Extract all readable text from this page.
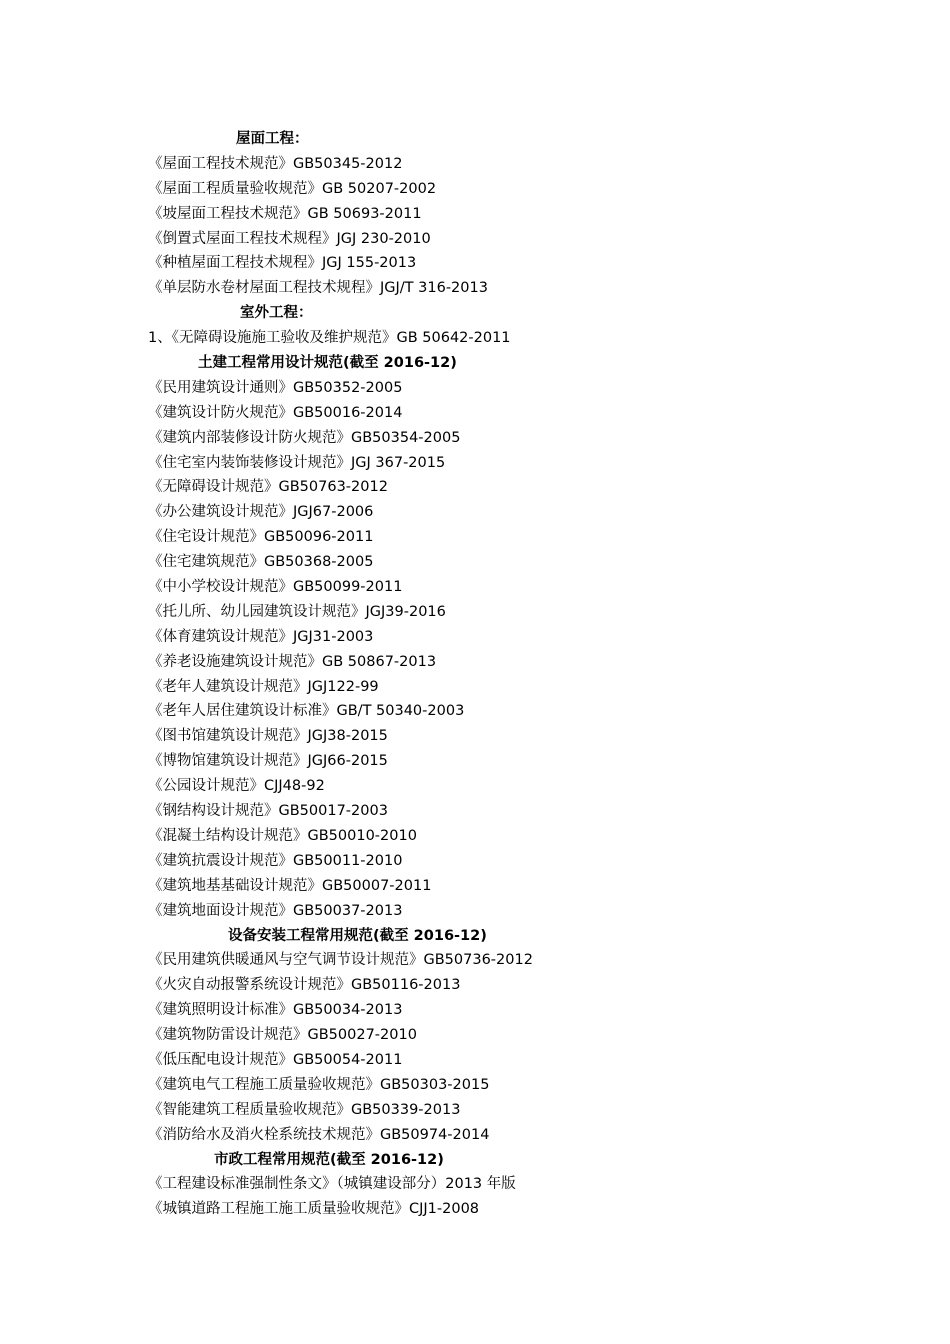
屋面工程：
《屋面工程技术规范》GB50345-2012
《屋面工程质量验收规范》GB 50207-2002
《坡屋面工程技术规范》GB 50693-2011
《倒置式屋面工程技术规程》JGJ 230-2010
《种植屋面工程技术规程》JGJ 155-2013
《单层防水卷材屋面工程技术规程》JGJ/T 316-2013
室外工程：
1、《无障碍设施施工验收及维护规范》GB 50642-2011
土建工程常用设计规范(截至 2016-12)
《民用建筑设计通则》GB50352-2005
《建筑设计防火规范》GB50016-2014
《建筑内部装修设计防火规范》GB50354-2005
《住宅室内装饰装修设计规范》JGJ 367-2015
《无障碍设计规范》GB50763-2012
《办公建筑设计规范》JGJ67-2006
《住宅设计规范》GB50096-2011
《住宅建筑规范》GB50368-2005
《中小学校设计规范》GB50099-2011
《托儿所、幼儿园建筑设计规范》JGJ39-2016
《体育建筑设计规范》JGJ31-2003
《养老设施建筑设计规范》GB 50867-2013
《老年人建筑设计规范》JGJ122-99
《老年人居住建筑设计标准》GB/T 50340-2003
《图书馆建筑设计规范》JGJ38-2015
《博物馆建筑设计规范》JGJ66-2015
《公园设计规范》CJJ48-92
《钢结构设计规范》GB50017-2003
《混凝土结构设计规范》GB50010-2010
《建筑抗震设计规范》GB50011-2010
《建筑地基基础设计规范》GB50007-2011
《建筑地面设计规范》GB50037-2013
设备安装工程常用规范(截至 2016-12)
《民用建筑供暖通风与空气调节设计规范》GB50736-2012
《火灾自动报警系统设计规范》GB50116-2013
《建筑照明设计标准》GB50034-2013
《建筑物防雷设计规范》GB50027-2010
《低压配电设计规范》GB50054-2011
《建筑电气工程施工质量验收规范》GB50303-2015
《智能建筑工程质量验收规范》GB50339-2013
《消防给水及消火栓系统技术规范》GB50974-2014
市政工程常用规范(截至 2016-12)
《工程建设标准强制性条文》（城镇建设部分）2013 年版
《城镇道路工程施工施工质量验收规范》CJJ1-2008
